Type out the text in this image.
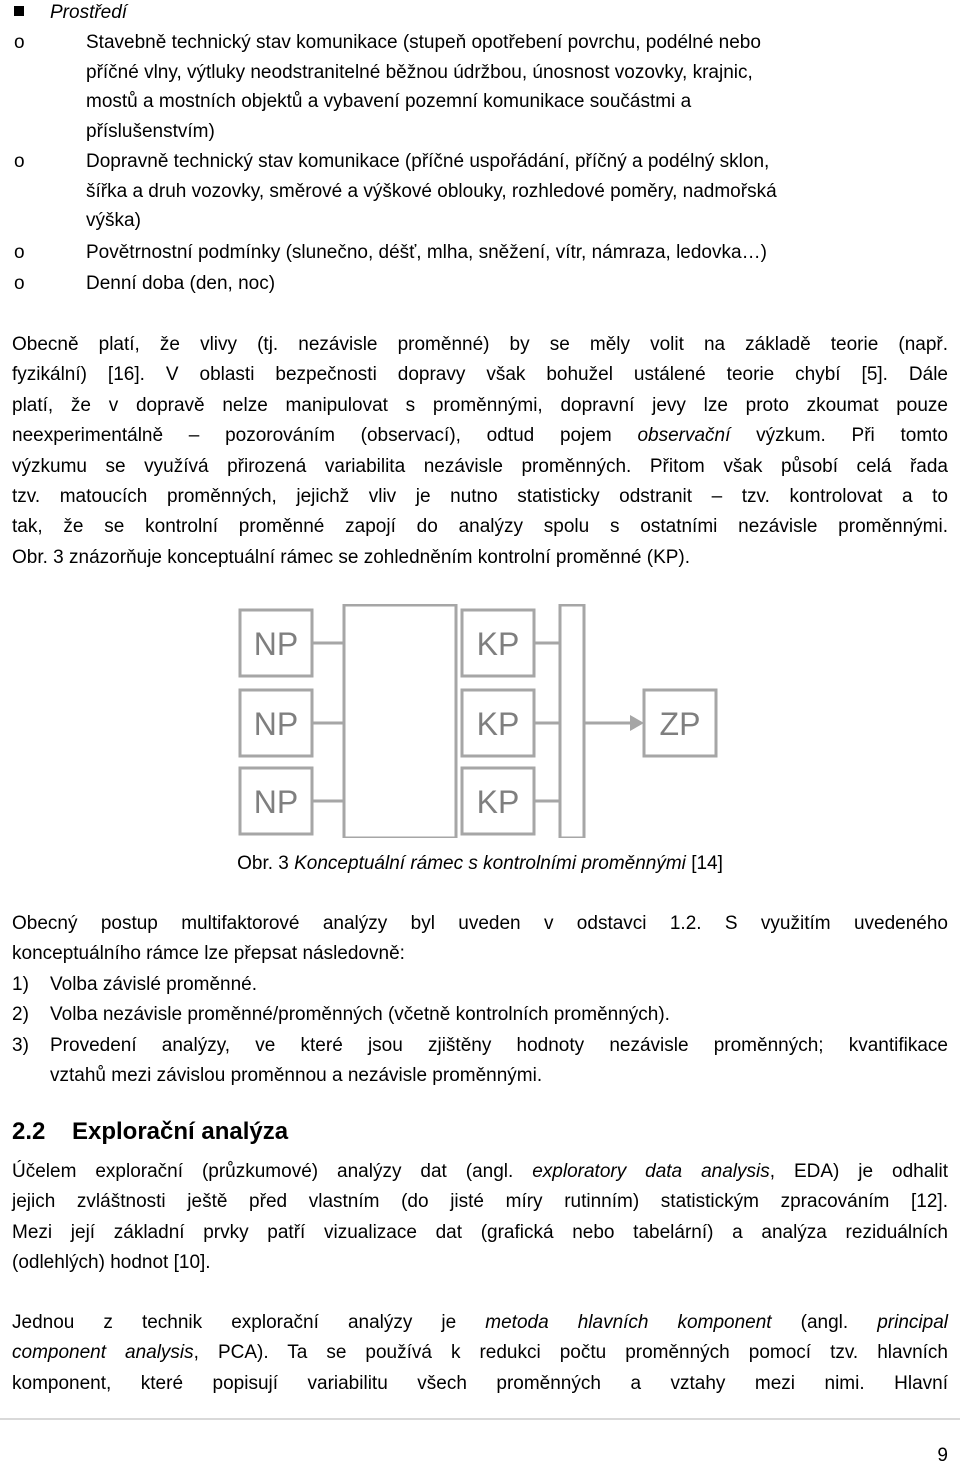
Prostředí
o	Stavebně technický stav komunikace (stupeň opotřebení povrchu, podélné nebo
příčné vlny, výtluky neodstranitelné běžnou údržbou, únosnost vozovky, krajnic,
mostů a mostních objektů a vybavení pozemní komunikace součástmi a
příslušenstvím)
o	Dopravně technický stav komunikace (příčné uspořádání, příčný a podélný sklon,
šířka a druh vozovky, směrové a výškové oblouky, rozhledové poměry, nadmořská
výška)
o	Povětrnostní podmínky (slunečno, déšť, mlha, sněžení, vítr, námraza, ledovka…)
o	Denní doba (den, noc)
Obecně platí, že vlivy (tj. nezávisle proměnné) by se měly volit na základě teorie (např.
fyzikální) [16]. V oblasti bezpečnosti dopravy však bohužel ustálené teorie chybí [5]. Dále
platí, že v dopravě nelze manipulovat s proměnnými, dopravní jevy lze proto zkoumat pouze
neexperimentálně – pozorováním (observací), odtud pojem observační výzkum. Při tomto
výzkumu se využívá přirozená variabilita nezávisle proměnných. Přitom však působí celá řada
tzv. matoucích proměnných, jejichž vliv je nutno statisticky odstranit – tzv. kontrolovat a to
tak, že se kontrolní proměnné zapojí do analýzy spolu s ostatními nezávisle proměnnými.
Obr. 3 znázorňuje konceptuální rámec se zohledněním kontrolní proměnné (KP).
NP
NP
NP
KP
KP
KP
ZP
Obr. 3 Konceptuální rámec s kontrolními proměnnými [14]
Obecný postup multifaktorové analýzy byl uveden v odstavci 1.2. S využitím uvedeného
konceptuálního rámce lze přepsat následovně:
1) Volba závislé proměnné.
2) Volba nezávisle proměnné/proměnných (včetně kontrolních proměnných).
3) Provedení analýzy, ve které jsou zjištěny hodnoty nezávisle proměnných; kvantifikace
vztahů mezi závislou proměnnou a nezávisle proměnnými.
2.2 Explorační analýza
Účelem explorační (průzkumové) analýzy dat (angl. exploratory data analysis, EDA) je odhalit
jejich zvláštnosti ještě před vlastním (do jisté míry rutinním) statistickým zpracováním [12].
Mezi její základní prvky patří vizualizace dat (grafická nebo tabelární) a analýza reziduálních
(odlehlých) hodnot [10].
Jednou z technik explorační analýzy je metoda hlavních komponent (angl. principal
component analysis, PCA). Ta se používá k redukci počtu proměnných pomocí tzv. hlavních
komponent, které popisují variabilitu všech proměnných a vztahy mezi nimi. Hlavní
9
